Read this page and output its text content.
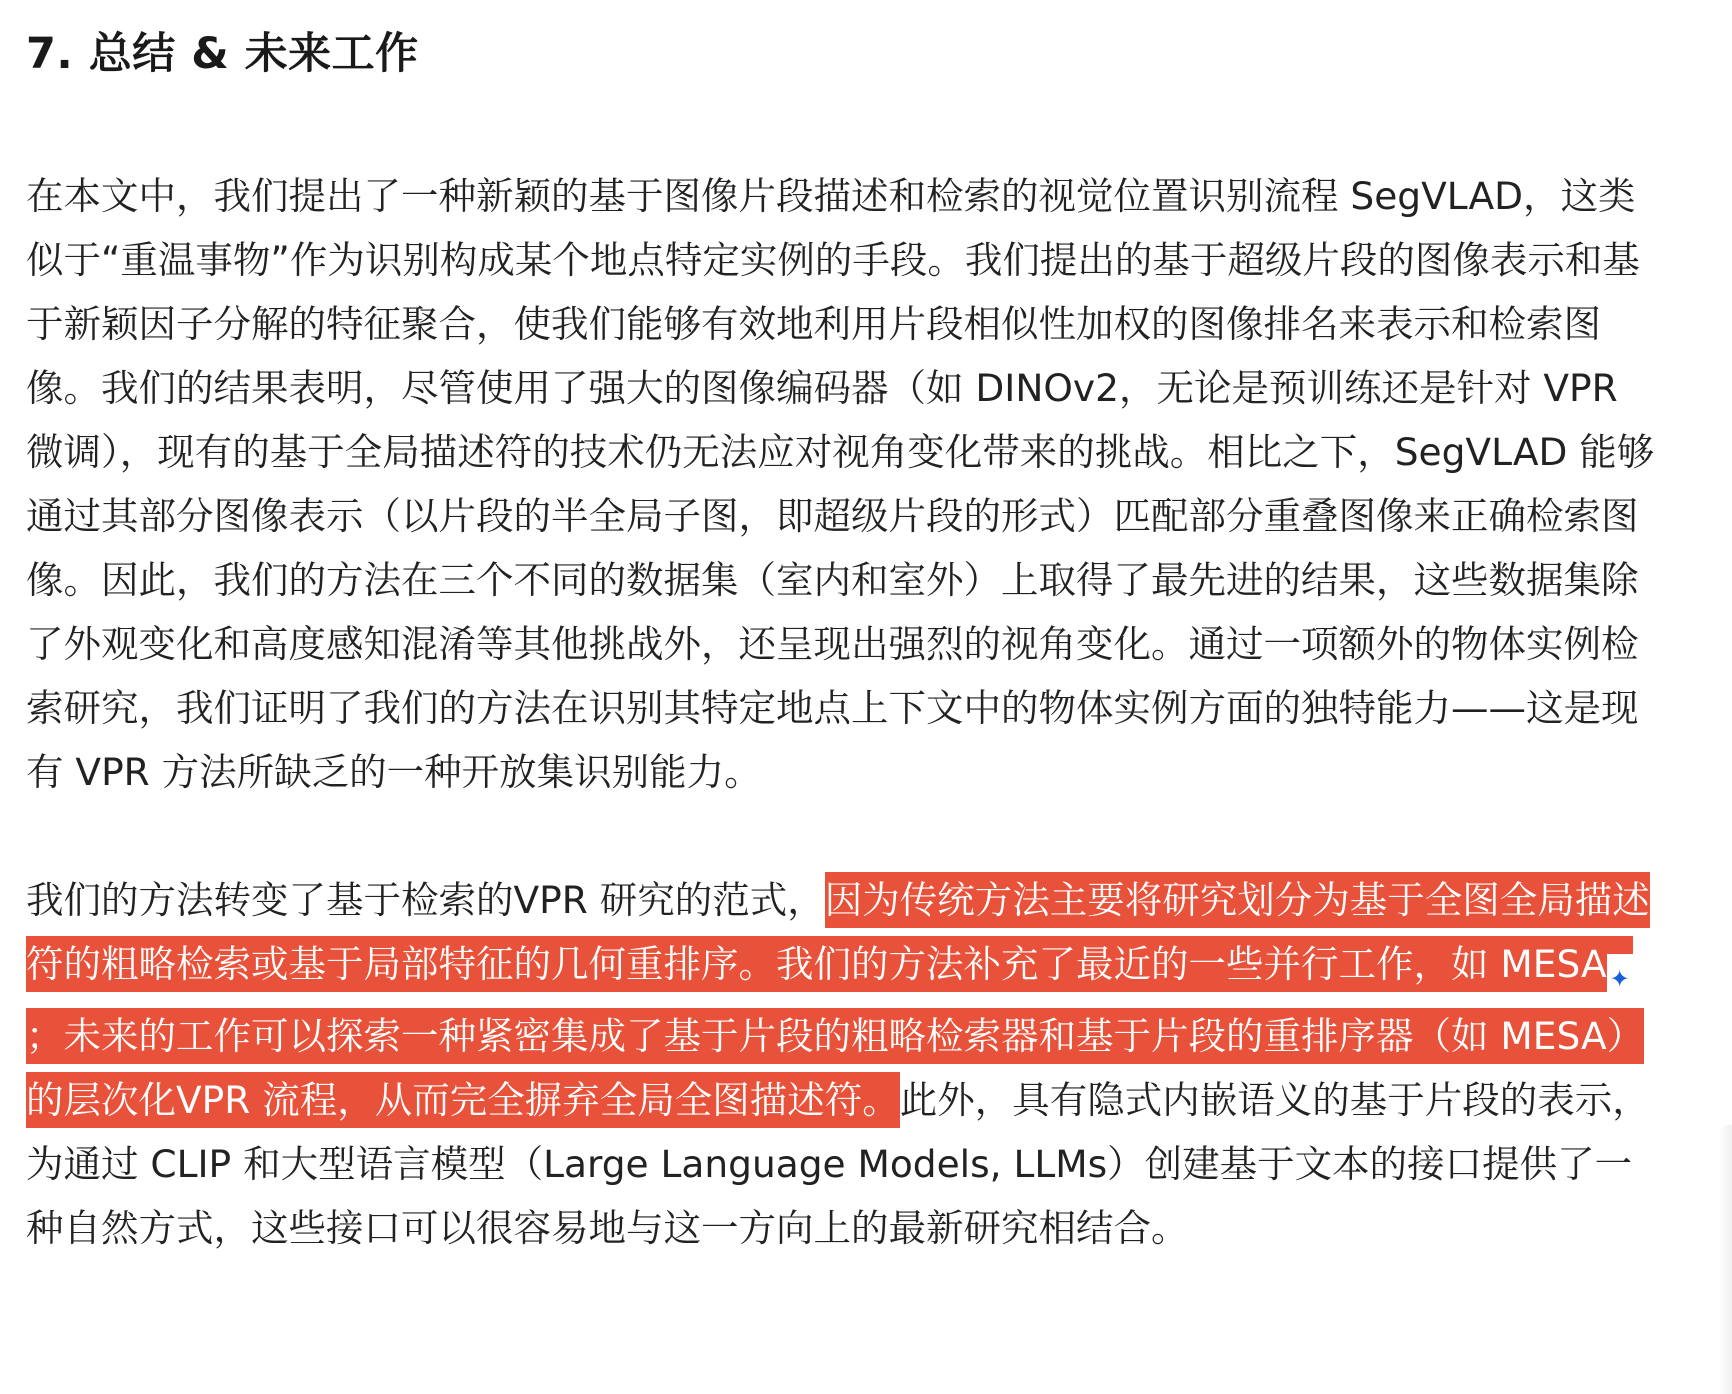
7. 总结 & 未来工作

在本文中，我们提出了一种新颖的基于图像片段描述和检索的视觉位置识别流程 SegVLAD，这类似于“重温事物”作为识别构成某个地点特定实例的手段。我们提出的基于超级片段的图像表示和基于新颖因子分解的特征聚合，使我们能够有效地利用片段相似性加权的图像排名来表示和检索图像。我们的结果表明，尽管使用了强大的图像编码器（如 DINOv2，无论是预训练还是针对 VPR 微调），现有的基于全局描述符的技术仍无法应对视角变化带来的挑战。相比之下，SegVLAD 能够通过其部分图像表示（以片段的半全局子图，即超级片段的形式）匹配部分重叠图像来正确检索图像。因此，我们的方法在三个不同的数据集（室内和室外）上取得了最先进的结果，这些数据集除了外观变化和高度感知混淆等其他挑战外，还呈现出强烈的视角变化。通过一项额外的物体实例检索研究，我们证明了我们的方法在识别其特定地点上下文中的物体实例方面的独特能力——这是现有 VPR 方法所缺乏的一种开放集识别能力。

我们的方法转变了基于检索的VPR 研究的范式，因为传统方法主要将研究划分为基于全图全局描述符的粗略检索或基于局部特征的几何重排序。我们的方法补充了最近的一些并行工作，如 MESA ✦；未来的工作可以探索一种紧密集成了基于片段的粗略检索器和基于片段的重排序器（如 MESA）的层次化VPR 流程，从而完全摒弃全局全图描述符。此外，具有隐式内嵌语义的基于片段的表示，为通过 CLIP 和大型语言模型（Large Language Models, LLMs）创建基于文本的接口提供了一种自然方式，这些接口可以很容易地与这一方向上的最新研究相结合。
